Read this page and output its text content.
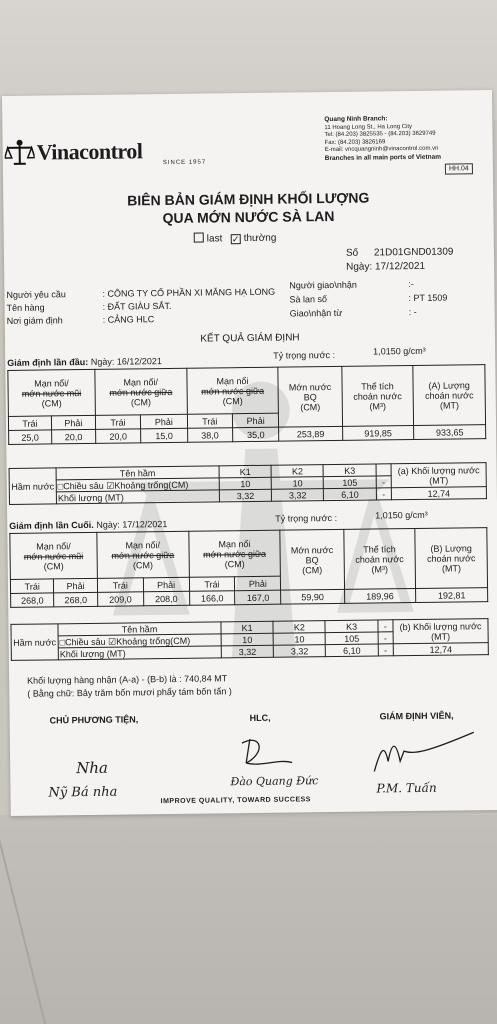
Vinacontrol	SINCE 1957
Quang Ninh Branch:
11 Hoang Long St., Ha Long City
Tel: (84.203) 3825535 - (84.203) 3629749
Fax: (84.203) 3826169
E-mail: vncquangninh@vinacontrol.com.vn
Branches in all main ports of Vietnam
HH.04
BIÊN BẢN GIÁM ĐỊNH KHỐI LƯỢNG
QUA MỚN NƯỚC SÀ LAN
last ✓ thường
Số 21D01GND01309
Ngày: 17/12/2021
Người yêu cầu	: CÔNG TY CỔ PHẦN XI MĂNG HẠ LONG
Tên hàng	: ĐẤT GIÀU SẮT.
Nơi giám định	: CẢNG HLC
Người giao\nhận	:-
Sà lan số	: PT 1509
Giao\nhận từ	: -
KẾT QUẢ GIÁM ĐỊNH
Giám định lần đầu: Ngày: 16/12/2021
Tỷ trọng nước :	1,0150 g/cm³
Mạn nổi/
mớn nước mũi
(CM)		Mạn nổi/
mớn nước giữa
(CM)		Mạn nổi
mớn nước giữa
(CM)		Mớn nước
BQ
(CM)	Thể tích
choán nước
(M³)	(A) Lượng
choán nước
(MT)
Trái	Phải	Trái	Phải	Trái	Phải			
25,0	20,0	20,0	15,0	38,0	35,0	253,89	919,85	933,65
Hầm nước	Tên hầm	K1	K2	K3		(a) Khối lượng nước (MT)
	□Chiều sâu ☑Khoảng trống(CM)	10	10	105	-	
	Khối lượng (MT)	3,32	3,32	6,10	-	12,74
Giám định lần Cuối. Ngày: 17/12/2021
Tỷ trọng nước :	1,0150 g/cm³
Mạn nổi/
mớn nước mũi
(CM)		Mạn nổi/
mớn nước giữa
(CM)		Mạn nổi
mớn nước giữa
(CM)		Mớn nước
BQ
(CM)	Thể tích
choán nước
(M³)	(B) Lượng
choán nước
(MT)
Trái	Phải	Trái	Phải	Trái	Phải			
268,0	268,0	209,0	208,0	166,0	167,0	59,90	189,96	192,81
Hầm nước	Tên hầm	K1	K2	K3	-	(b) Khối lượng nước (MT)
	□Chiều sâu ☑Khoảng trống(CM)	10	10	105	-	
	Khối lượng (MT)	3,32	3,32	6,10	-	12,74
Khối lượng hàng nhận (A-a) - (B-b) là : 740,84 MT
( Bằng chữ: Bảy trăm bốn mươi phẩy tám bốn tấn )
CHỦ PHƯƠNG TIỆN,	HLC,	GIÁM ĐỊNH VIÊN,
Nha
Nỹ Bá nha
Đào Quang Đức	P.M. Tuấn
IMPROVE QUALITY, TOWARD SUCCESS
